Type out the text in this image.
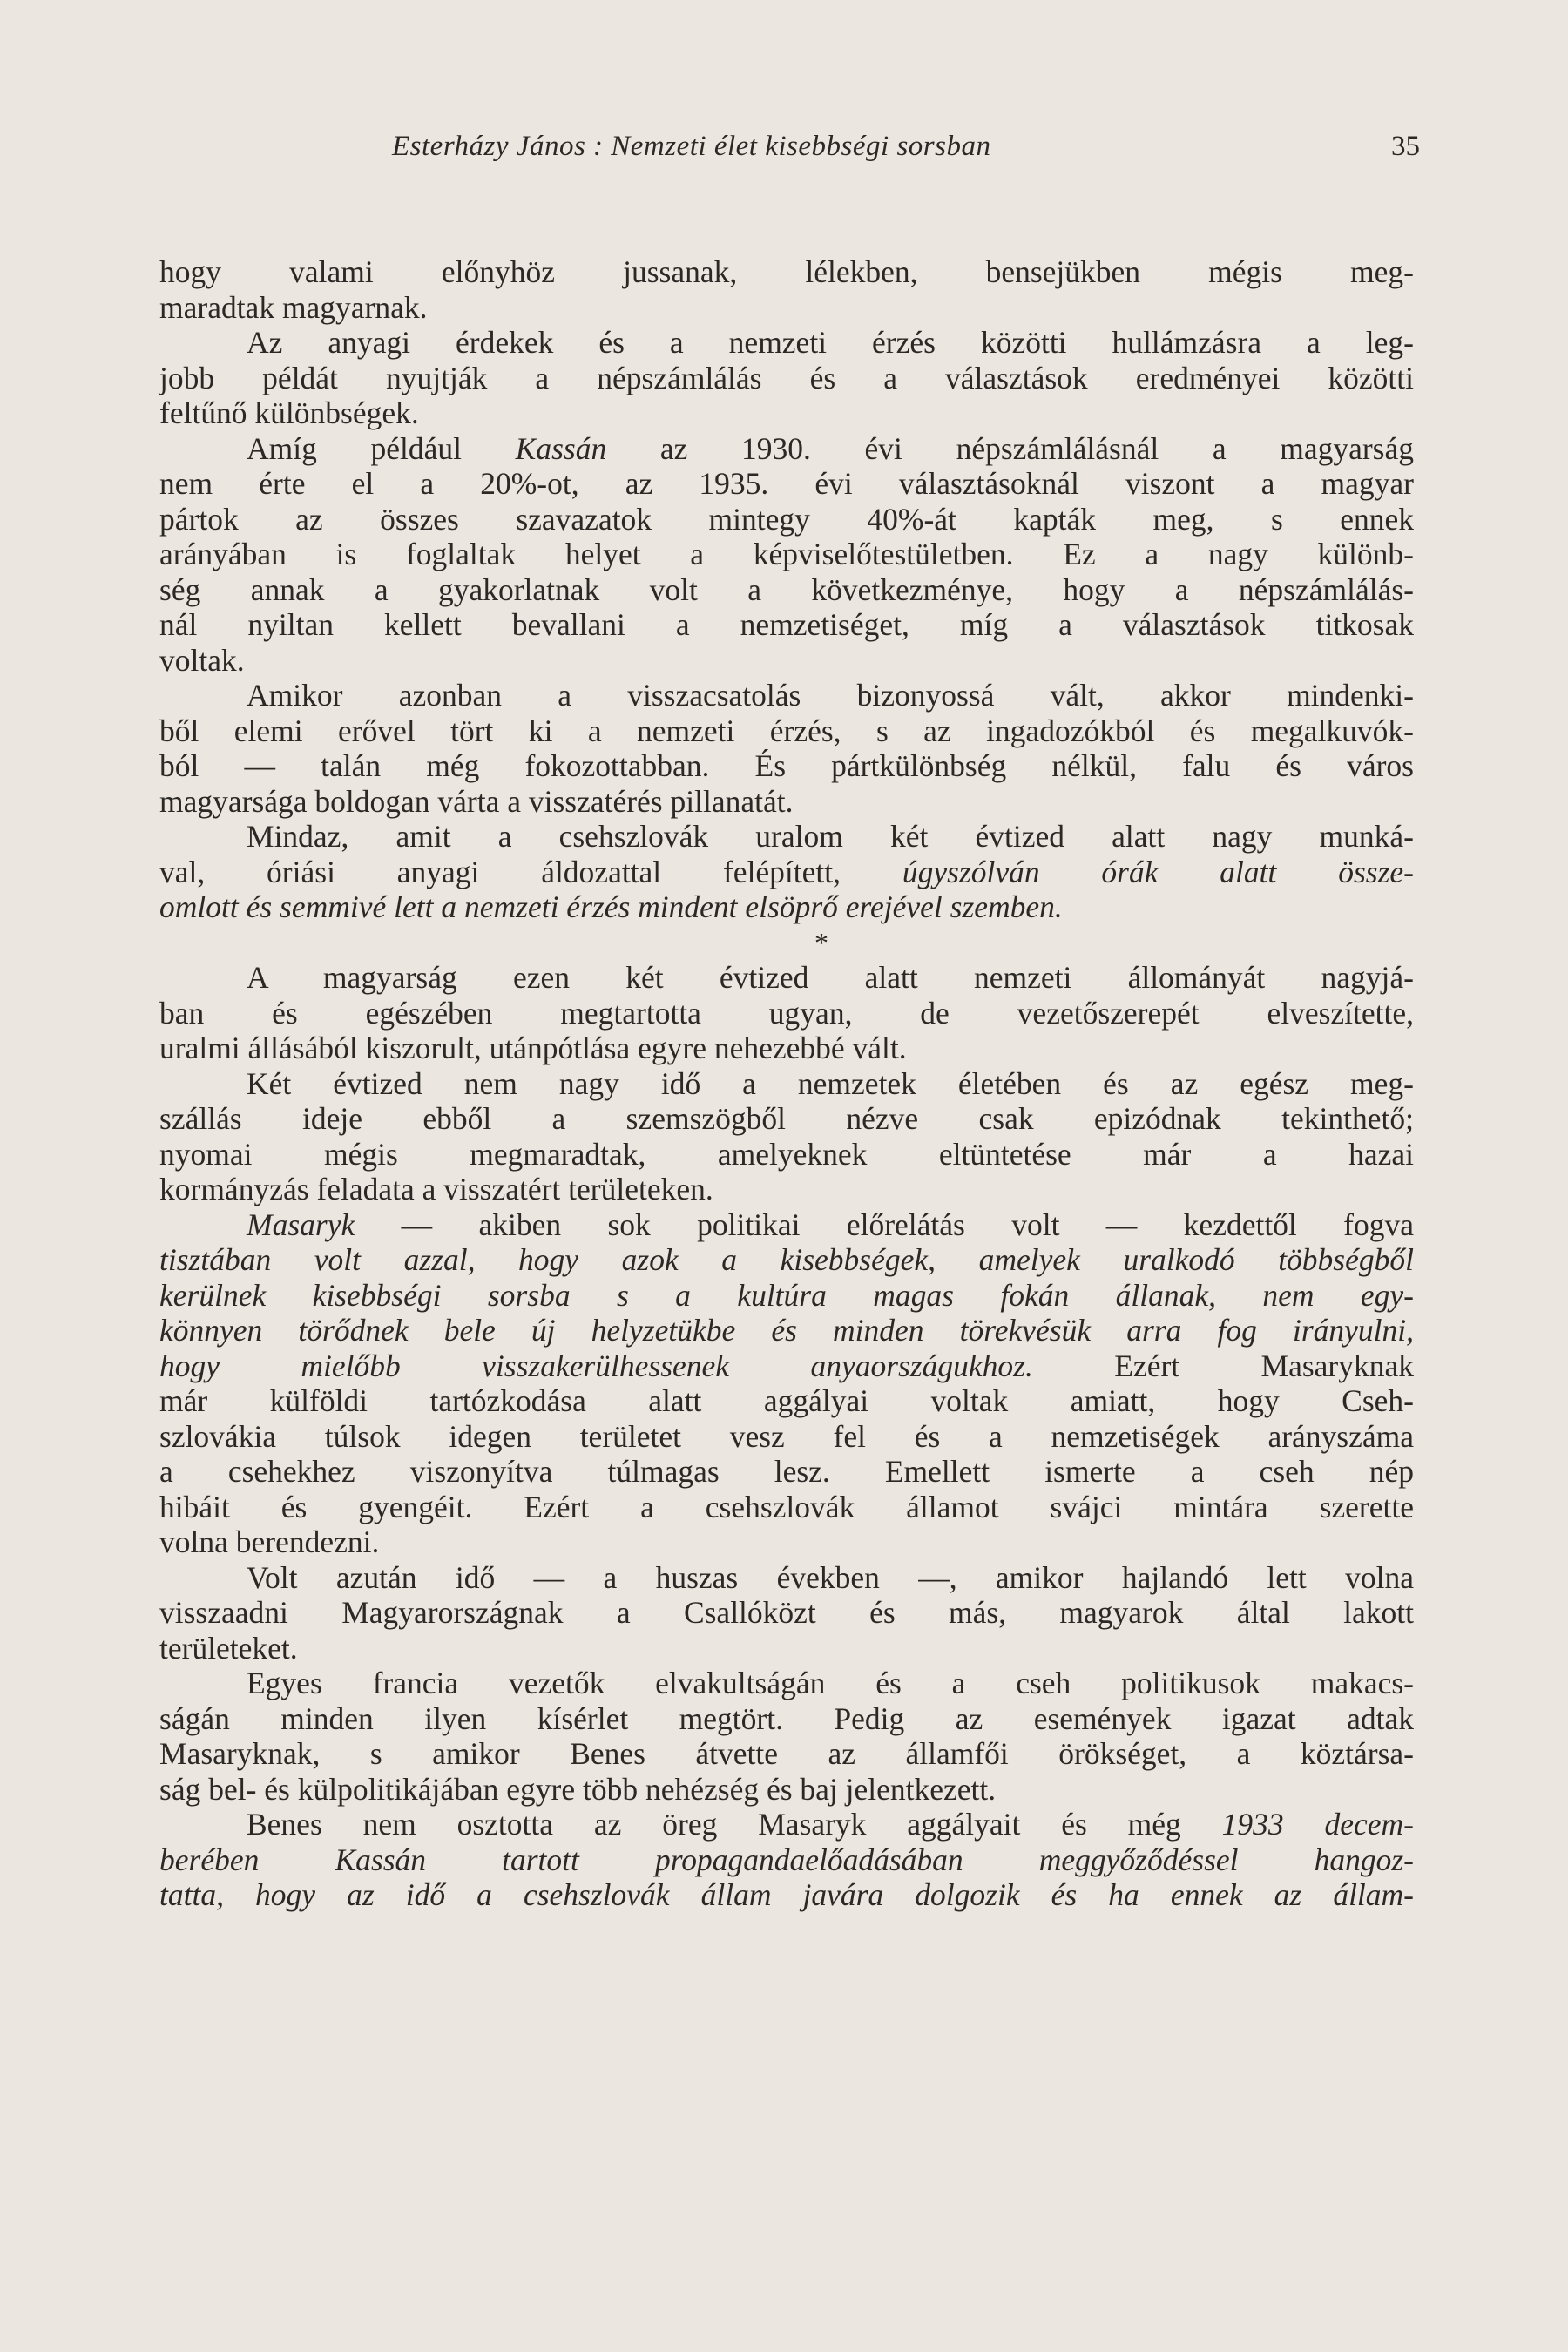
Esterházy János : Nemzeti élet kisebbségi sorsban	35
hogy valami előnyhöz jussanak, lélekben, bensejükben mégis meg-
maradtak magyarnak.
Az anyagi érdekek és a nemzeti érzés közötti hullámzásra a leg-
jobb példát nyujtják a népszámlálás és a választások eredményei közötti
feltűnő különbségek.
Amíg például Kassán az 1930. évi népszámlálásnál a magyarság
nem érte el a 20%-ot, az 1935. évi választásoknál viszont a magyar
pártok az összes szavazatok mintegy 40%-át kapták meg, s ennek
arányában is foglaltak helyet a képviselőtestületben. Ez a nagy különb-
ség annak a gyakorlatnak volt a következménye, hogy a népszámlálás-
nál nyiltan kellett bevallani a nemzetiséget, míg a választások titkosak
voltak.
Amikor azonban a visszacsatolás bizonyossá vált, akkor mindenki-
ből elemi erővel tört ki a nemzeti érzés, s az ingadozókból és megalkuvók-
ból — talán még fokozottabban. És pártkülönbség nélkül, falu és város
magyarsága boldogan várta a visszatérés pillanatát.
Mindaz, amit a csehszlovák uralom két évtized alatt nagy munká-
val, óriási anyagi áldozattal felépített, úgyszólván órák alatt össze-
omlott és semmivé lett a nemzeti érzés mindent elsöprő erejével szemben.
*
A magyarság ezen két évtized alatt nemzeti állományát nagyjá-
ban és egészében megtartotta ugyan, de vezetőszerepét elveszítette,
uralmi állásából kiszorult, utánpótlása egyre nehezebbé vált.
Két évtized nem nagy idő a nemzetek életében és az egész meg-
szállás ideje ebből a szemszögből nézve csak epizódnak tekinthető;
nyomai mégis megmaradtak, amelyeknek eltüntetése már a hazai
kormányzás feladata a visszatért területeken.
Masaryk — akiben sok politikai előrelátás volt — kezdettől fogva
tisztában volt azzal, hogy azok a kisebbségek, amelyek uralkodó többségből
kerülnek kisebbségi sorsba s a kultúra magas fokán állanak, nem egy-
könnyen törődnek bele új helyzetükbe és minden törekvésük arra fog irányulni,
hogy mielőbb visszakerülhessenek anyaországukhoz. Ezért Masaryknak
már külföldi tartózkodása alatt aggályai voltak amiatt, hogy Cseh-
szlovákia túlsok idegen területet vesz fel és a nemzetiségek arányszáma
a csehekhez viszonyítva túlmagas lesz. Emellett ismerte a cseh nép
hibáit és gyengéit. Ezért a csehszlovák államot svájci mintára szerette
volna berendezni.
Volt azután idő — a huszas években —, amikor hajlandó lett volna
visszaadni Magyarországnak a Csallóközt és más, magyarok által lakott
területeket.
Egyes francia vezetők elvakultságán és a cseh politikusok makacs-
ságán minden ilyen kísérlet megtört. Pedig az események igazat adtak
Masaryknak, s amikor Benes átvette az államfői örökséget, a köztársa-
ság bel- és külpolitikájában egyre több nehézség és baj jelentkezett.
Benes nem osztotta az öreg Masaryk aggályait és még 1933 decem-
berében Kassán tartott propagandaelőadásában meggyőződéssel hangoz-
tatta, hogy az idő a csehszlovák állam javára dolgozik és ha ennek az állam-
